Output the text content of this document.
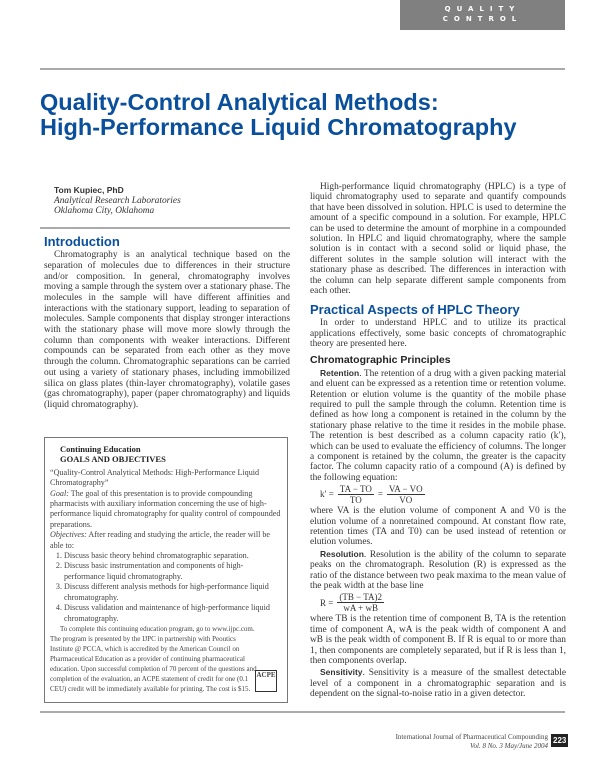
QUALITY
CONTROL
Quality-Control Analytical Methods:
High-Performance Liquid Chromatography

Tom Kupiec, PhD

Analytical Research Laboratories

Oklahoma City, Oklahoma

Introduction

Chromatography is an analytical technique based on the separation of molecules due to differences in their structure and/or composition. In general, chromatography involves moving a sample through the system over a stationary phase. The molecules in the sample will have different affinities and interactions with the stationary support, leading to separation of molecules. Sample components that display stronger interactions with the stationary phase will move more slowly through the column than components with weaker interactions. Different compounds can be separated from each other as they move through the column. Chromatographic separations can be carried out using a variety of stationary phases, including immobilized silica on glass plates (thin-layer chromatography), volatile gases (gas chromatography), paper (paper chromatography) and liquids (liquid chromatography).

Continuing Education

GOALS AND OBJECTIVES

“Quality-Control Analytical Methods: High-Performance Liquid Chromatography”
Goal: The goal of this presentation is to provide compounding pharmacists with auxiliary information concerning the use of high-performance liquid chromatography for quality control of compounded preparations.
Objectives: After reading and studying the article, the reader will be able to:
1. Discuss basic theory behind chromatographic separation.
2. Discuss basic instrumentation and components of high-performance liquid chromatography.
3. Discuss different analysis methods for high-performance liquid chromatography.
4. Discuss validation and maintenance of high-performance liquid chromatography.

To complete this continuing education program, go to www.ijpc.com. The program is presented by the IJPC in partnership with Peoutics Institute @ PCCA, which is accredited by the American Council on Pharmaceutical Education as a provider of continuing pharmaceutical education. Upon successful completion of 70 percent of the questions and completion of the evaluation, an ACPE statement of credit for one (0.1 CEU) credit will be immediately available for printing. The cost is $15.

ACPE

High-performance liquid chromatography (HPLC) is a type of liquid chromatography used to separate and quantify compounds that have been dissolved in solution. HPLC is used to determine the amount of a specific compound in a solution. For example, HPLC can be used to determine the amount of morphine in a compounded solution. In HPLC and liquid chromatography, where the sample solution is in contact with a second solid or liquid phase, the different solutes in the sample solution will interact with the stationary phase as described. The differences in interaction with the column can help separate different sample components from each other.

Practical Aspects of HPLC Theory

In order to understand HPLC and to utilize its practical applications effectively, some basic concepts of chromatographic theory are presented here.

Chromatographic Principles

Retention. The retention of a drug with a given packing material and eluent can be expressed as a retention time or retention volume. Retention or elution volume is the quantity of the mobile phase required to pull the sample through the column. Retention time is defined as how long a component is retained in the column by the stationary phase relative to the time it resides in the mobile phase. The retention is best described as a column capacity ratio (k′), which can be used to evaluate the efficiency of columns. The longer a component is retained by the column, the greater is the capacity factor. The column capacity ratio of a compound (A) is defined by the following equation:

$k' = \frac{TA - TO}{TO} = \frac{VA - VO}{VO}$

where VA is the elution volume of component A and V0 is the elution volume of a nonretained compound. At constant flow rate, retention times (TA and T0) can be used instead of retention or elution volumes.

Resolution. Resolution is the ability of the column to separate peaks on the chromatograph. Resolution (R) is expressed as the ratio of the distance between two peak maxima to the mean value of the peak width at the base line

$R = \frac{(TB - TA)2}{wA + wB}$

where TB is the retention time of component B, TA is the retention time of component A, wA is the peak width of component A and wB is the peak width of component B. If R is equal to or more than 1, then components are completely separated, but if R is less than 1, then components overlap.

Sensitivity. Sensitivity is a measure of the smallest detectable level of a component in a chromatographic separation and is dependent on the signal-to-noise ratio in a given detector.

International Journal of Pharmaceutical Compounding
Vol. 8 No. 3 May/June 2004
223
